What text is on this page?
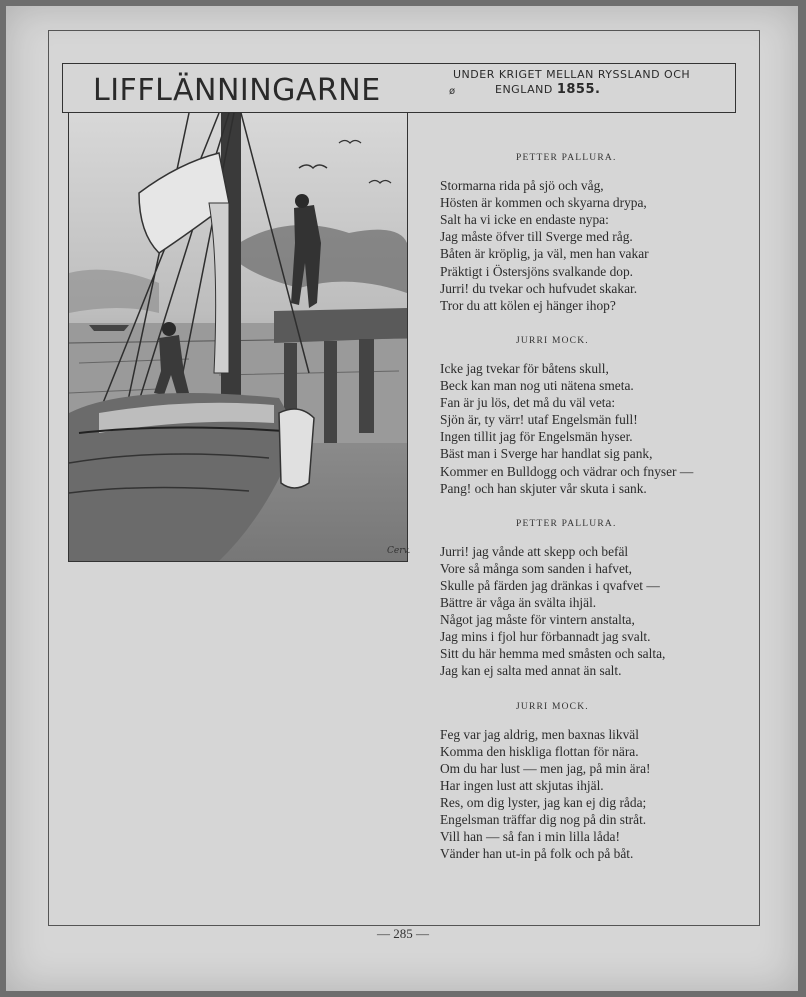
LIFFLÄNNINGARNE	ø
UNDER KRIGET MELLAN RYSSLAND OCH
ENGLAND 1855.
Cerv.
PETTER PALLURA.
Stormarna rida på sjö och våg,
Hösten är kommen och skyarna drypa,
Salt ha vi icke en endaste nypa:
Jag måste öfver till Sverge med råg.
Båten är kröplig, ja väl, men han vakar
Präktigt i Östersjöns svalkande dop.
Jurri! du tvekar och hufvudet skakar.
Tror du att kölen ej hänger ihop?
JURRI MOCK.
Icke jag tvekar för båtens skull,
Beck kan man nog uti nätena smeta.
Fan är ju lös, det må du väl veta:
Sjön är, ty värr! utaf Engelsmän full!
Ingen tillit jag för Engelsmän hyser.
Bäst man i Sverge har handlat sig pank,
Kommer en Bulldogg och vädrar och fnyser —
Pang! och han skjuter vår skuta i sank.
PETTER PALLURA.
Jurri! jag vånde att skepp och befäl
Vore så många som sanden i hafvet,
Skulle på färden jag dränkas i qvafvet —
Bättre är våga än svälta ihjäl.
Något jag måste för vintern anstalta,
Jag mins i fjol hur förbannadt jag svalt.
Sitt du här hemma med småsten och salta,
Jag kan ej salta med annat än salt.
JURRI MOCK.
Feg var jag aldrig, men baxnas likväl
Komma den hiskliga flottan för nära.
Om du har lust — men jag, på min ära!
Har ingen lust att skjutas ihjäl.
Res, om dig lyster, jag kan ej dig råda;
Engelsman träffar dig nog på din stråt.
Vill han — så fan i min lilla låda!
Vänder han ut-in på folk och på båt.
— 285 —
